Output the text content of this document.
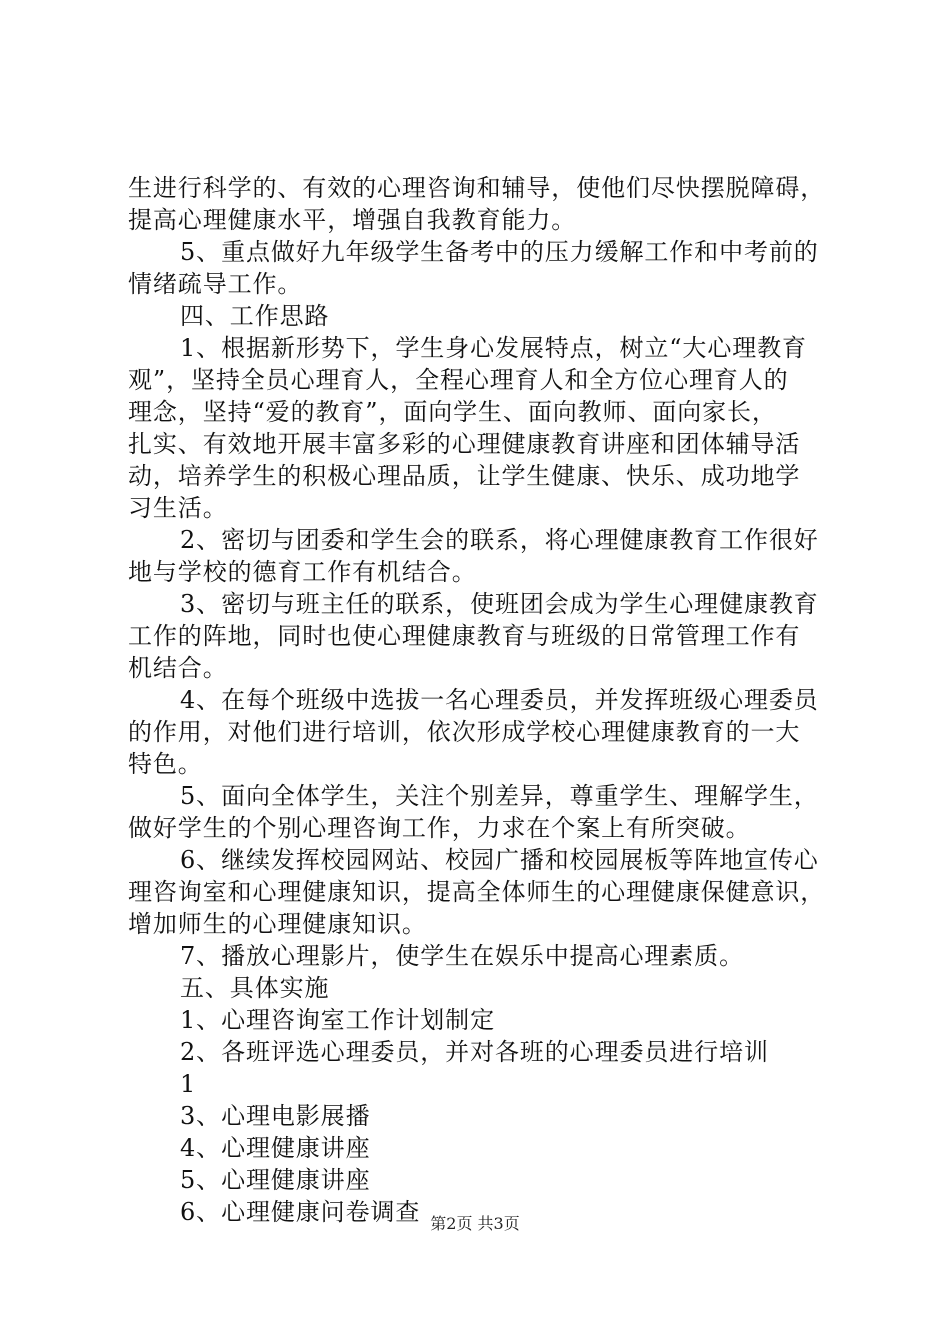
生进行科学的、有效的心理咨询和辅导，使他们尽快摆脱障碍，
提高心理健康水平，增强自我教育能力。
5、重点做好九年级学生备考中的压力缓解工作和中考前的
情绪疏导工作。
四、工作思路
1、根据新形势下，学生身心发展特点，树立“大心理教育
观”，坚持全员心理育人，全程心理育人和全方位心理育人的
理念，坚持“爱的教育”，面向学生、面向教师、面向家长，
扎实、有效地开展丰富多彩的心理健康教育讲座和团体辅导活
动，培养学生的积极心理品质，让学生健康、快乐、成功地学
习生活。
2、密切与团委和学生会的联系，将心理健康教育工作很好
地与学校的德育工作有机结合。
3、密切与班主任的联系，使班团会成为学生心理健康教育
工作的阵地，同时也使心理健康教育与班级的日常管理工作有
机结合。
4、在每个班级中选拔一名心理委员，并发挥班级心理委员
的作用，对他们进行培训，依次形成学校心理健康教育的一大
特色。
5、面向全体学生，关注个别差异，尊重学生、理解学生，
做好学生的个别心理咨询工作，力求在个案上有所突破。
6、继续发挥校园网站、校园广播和校园展板等阵地宣传心
理咨询室和心理健康知识，提高全体师生的心理健康保健意识，
增加师生的心理健康知识。
7、播放心理影片，使学生在娱乐中提高心理素质。
五、具体实施
1、心理咨询室工作计划制定
2、各班评选心理委员，并对各班的心理委员进行培训
1
3、心理电影展播
4、心理健康讲座
5、心理健康讲座
6、心理健康问卷调查 第2页 共3页
